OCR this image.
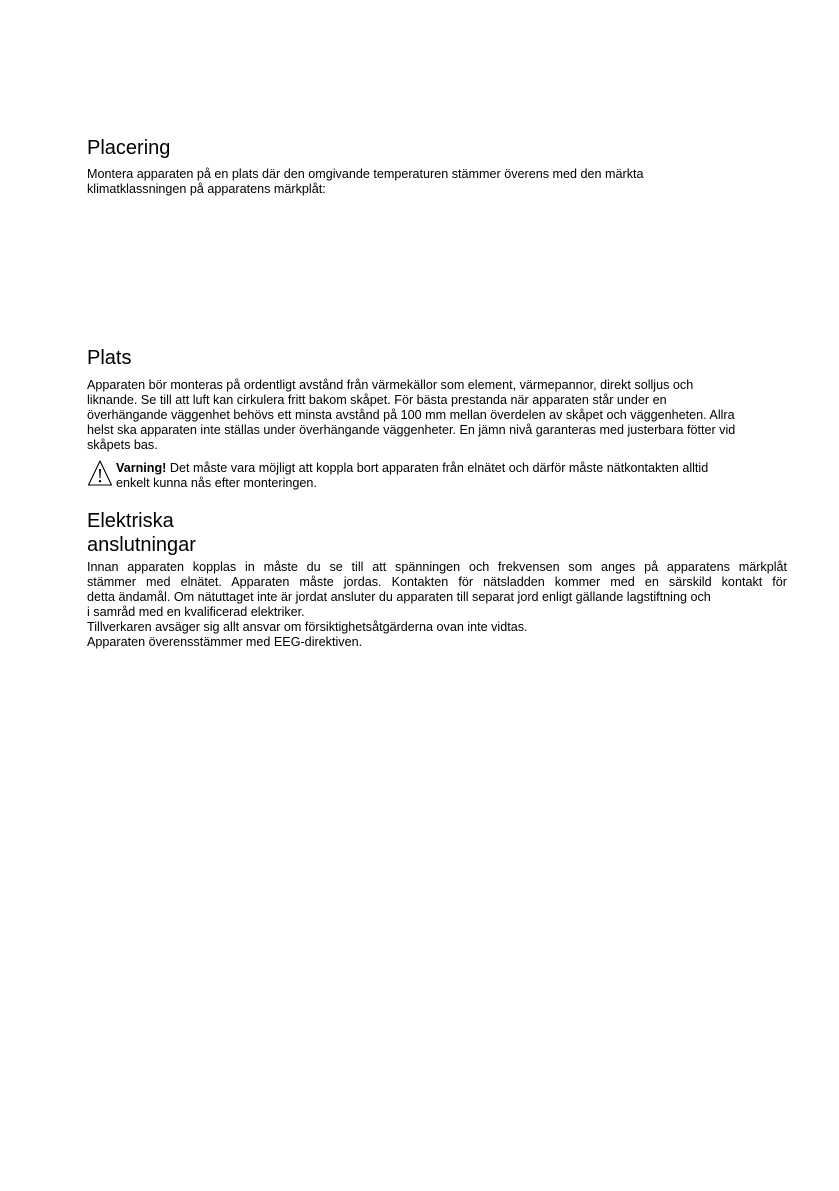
Placering
Montera apparaten på en plats där den omgivande temperaturen stämmer överens med den märkta
klimatklassningen på apparatens märkplåt:
Plats
Apparaten bör monteras på ordentligt avstånd från värmekällor som element, värmepannor, direkt solljus och
liknande. Se till att luft kan cirkulera fritt bakom skåpet. För bästa prestanda när apparaten står under en
överhängande väggenhet behövs ett minsta avstånd på 100 mm mellan överdelen av skåpet och väggenheten. Allra
helst ska apparaten inte ställas under överhängande väggenheter. En jämn nivå garanteras med justerbara fötter vid
skåpets bas.
Varning! Det måste vara möjligt att koppla bort apparaten från elnätet och därför måste nätkontakten alltid
enkelt kunna nås efter monteringen.
Elektriska
anslutningar
Innan apparaten kopplas in måste du se till att spänningen och frekvensen som anges på apparatens märkplåt
stämmer med elnätet. Apparaten måste jordas. Kontakten för nätsladden kommer med en särskild kontakt för
detta ändamål. Om nätuttaget inte är jordat ansluter du apparaten till separat jord enligt gällande lagstiftning och
i samråd med en kvalificerad elektriker.
Tillverkaren avsäger sig allt ansvar om försiktighetsåtgärderna ovan inte vidtas.
Apparaten överensstämmer med EEG-direktiven.
